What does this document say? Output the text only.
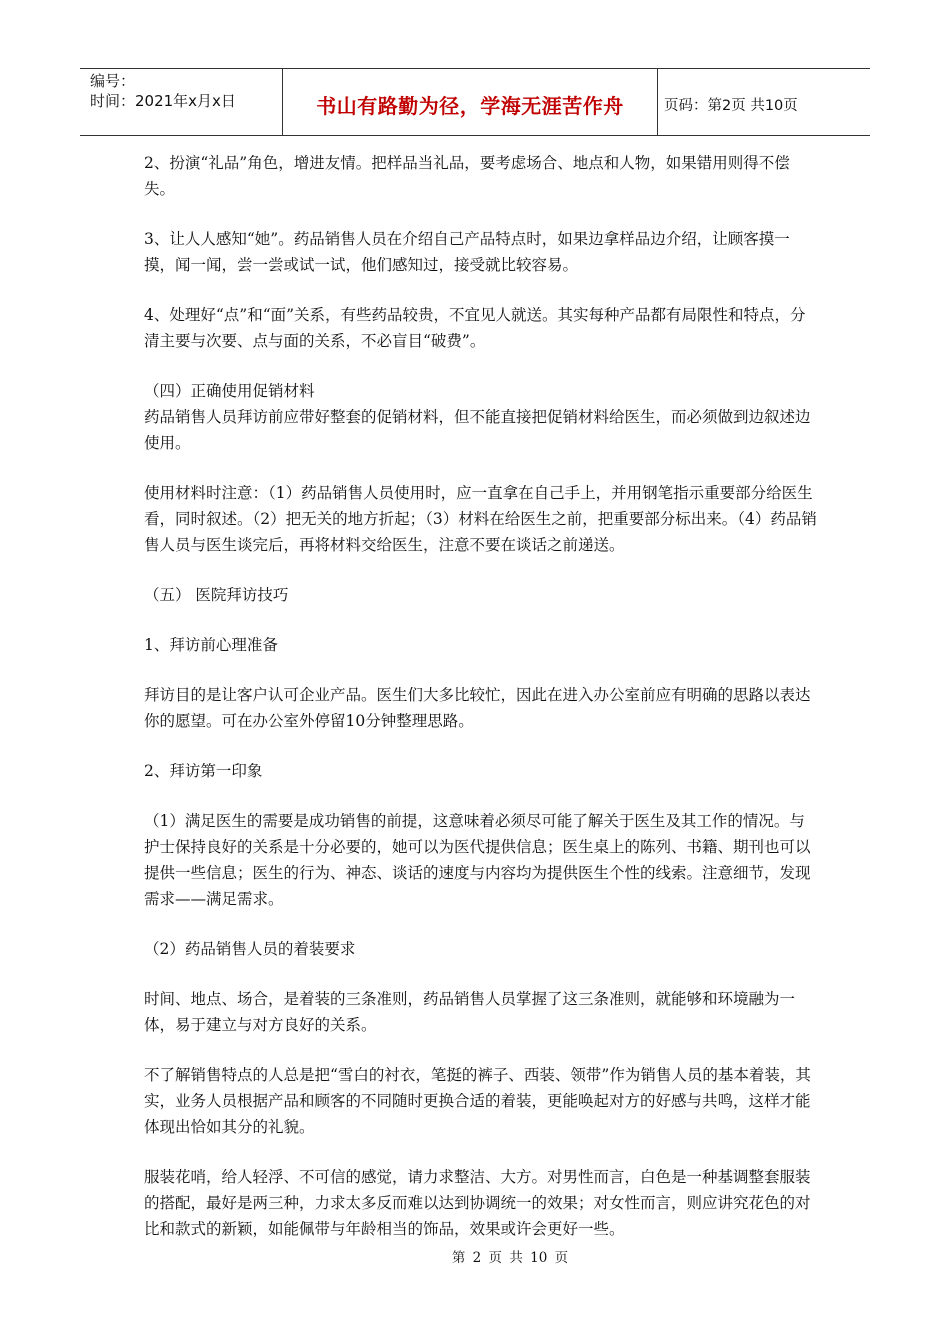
编号：
时间：2021年x月x日	书山有路勤为径，学海无涯苦作舟	页码：第2页 共10页

2、扮演“礼品”角色，增进友情。把样品当礼品，要考虑场合、地点和人物，如果错用则得不偿失。

3、让人人感知“她”。药品销售人员在介绍自己产品特点时，如果边拿样品边介绍，让顾客摸一摸，闻一闻，尝一尝或试一试，他们感知过，接受就比较容易。

4、处理好“点”和“面”关系，有些药品较贵，不宜见人就送。其实每种产品都有局限性和特点，分清主要与次要、点与面的关系，不必盲目“破费”。

（四）正确使用促销材料

药品销售人员拜访前应带好整套的促销材料，但不能直接把促销材料给医生，而必须做到边叙述边使用。

使用材料时注意：（1）药品销售人员使用时，应一直拿在自己手上，并用钢笔指示重要部分给医生看，同时叙述。（2）把无关的地方折起；（3）材料在给医生之前，把重要部分标出来。（4）药品销售人员与医生谈完后，再将材料交给医生，注意不要在谈话之前递送。

（五） 医院拜访技巧

1、拜访前心理准备

拜访目的是让客户认可企业产品。医生们大多比较忙，因此在进入办公室前应有明确的思路以表达你的愿望。可在办公室外停留10分钟整理思路。

2、拜访第一印象

（1）满足医生的需要是成功销售的前提，这意味着必须尽可能了解关于医生及其工作的情况。与护士保持良好的关系是十分必要的，她可以为医代提供信息；医生桌上的陈列、书籍、期刊也可以提供一些信息；医生的行为、神态、谈话的速度与内容均为提供医生个性的线索。注意细节，发现需求——满足需求。

（2）药品销售人员的着装要求

时间、地点、场合，是着装的三条准则，药品销售人员掌握了这三条准则，就能够和环境融为一体，易于建立与对方良好的关系。

不了解销售特点的人总是把“雪白的衬衣，笔挺的裤子、西装、领带”作为销售人员的基本着装，其实，业务人员根据产品和顾客的不同随时更换合适的着装，更能唤起对方的好感与共鸣，这样才能体现出恰如其分的礼貌。

服装花哨，给人轻浮、不可信的感觉，请力求整洁、大方。对男性而言，白色是一种基调整套服装的搭配，最好是两三种，力求太多反而难以达到协调统一的效果；对女性而言，则应讲究花色的对比和款式的新颖，如能佩带与年龄相当的饰品，效果或许会更好一些。

第 2 页 共 10 页
